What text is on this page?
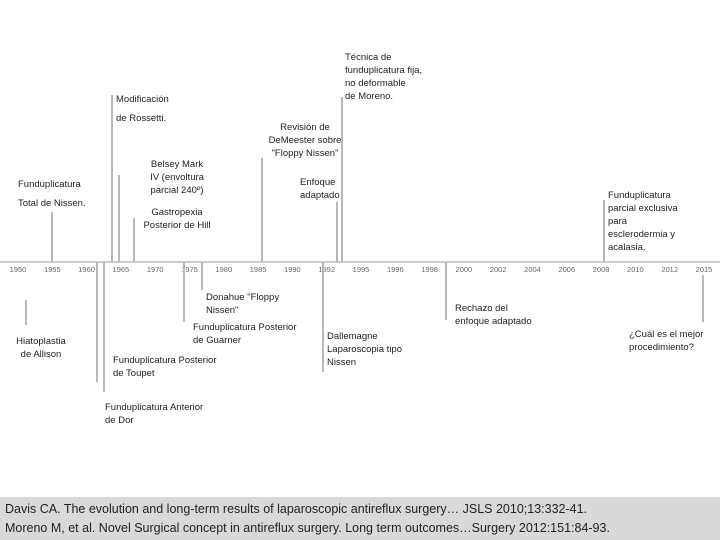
1950 1955 1960 1965 1970 1975 1980 1985 1990 1992 1995 1996 1998 2000 2002 2004 2006 2008 2010 2012 2015
Funduplicatura
Total de Nissen.
Modificación
de Rossetti.
Belsey Mark
IV (envoltura
parcial 240º)
Gastropexia
Posterior de Hill
Revisión de
DeMeester sobre
"Floppy Nissen"
Enfoque
adaptado
Técnica de
funduplicatura fija,
no deformable
de Moreno.
Funduplicatura
parcial exclusiva
para
esclerodermia y
acalasia.
Hiatoplastia
de Allison
Funduplicatura Posterior
de Toupet
Funduplicatura Anterior
de Dor
Donahue "Floppy
Nissen"
Funduplicatura Posterior
de Guarner	Dallemagne
Laparoscopia tipo
Nissen
Rechazo del
enfoque adaptado
¿Cuál es el mejor
procedimiento?
Davis CA. The evolution and long-term results of laparoscopic antireflux surgery… JSLS 2010;13:332-41.
Moreno M, et al. Novel Surgical concept in antireflux surgery. Long term outcomes…Surgery 2012:151:84-93.
